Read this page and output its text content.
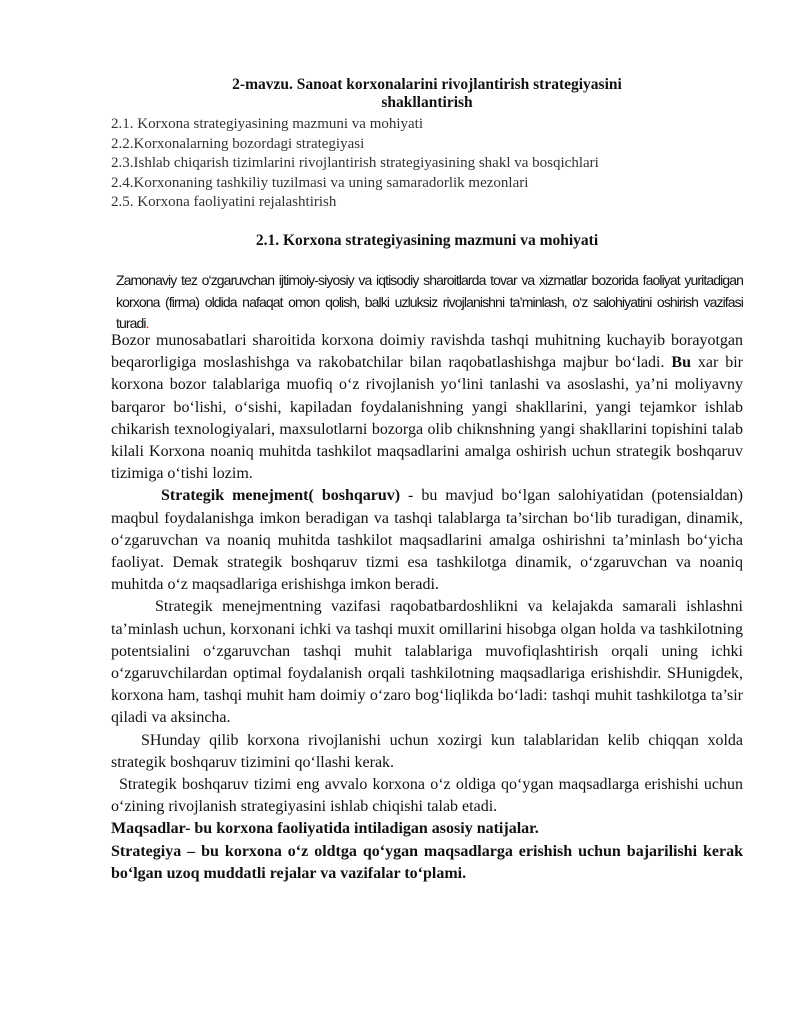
2-mavzu. Sanoat korxonalarini rivojlantirish strategiyasini
shakllantirish
2.1. Korxona strategiyasining mazmuni va mohiyati
2.2.Korxonalarning bozordagi strategiyasi
2.3.Ishlab chiqarish tizimlarini rivojlantirish strategiyasining shakl va bosqichlari
2.4.Korxonaning tashkiliy tuzilmasi va uning samaradorlik mezonlari
2.5. Korxona faoliyatini rejalashtirish
2.1. Korxona strategiyasining mazmuni va mohiyati
Zamonaviy tez o‘zgaruvchan ijtimoiy-siyosiy va iqtisodiy sharoitlarda tovar va xizmatlar bozorida faoliyat yuritadigan korxona (firma) oldida nafaqat omon qolish, balki uzluksiz rivojlanishni ta’minlash, o‘z salohiyatini oshirish vazifasi turadi.

Bozor munosabatlari sharoitida korxona doimiy ravishda tashqi muhitning kuchayib borayotgan beqarorligiga moslashishga va rakobatchilar bilan raqobatlashishga majbur bo‘ladi. Bu xar bir korxona bozor talablariga muofiq o‘z rivojlanish yo‘lini tanlashi va asoslashi, ya’ni moliyavny barqaror bo‘lishi, o‘sishi, kapiladan foydalanishning yangi shakllarini, yangi tejamkor ishlab chikarish texnologiyalari, maxsulotlarni bozorga olib chiknshning yangi shakllarini topishini talab kilali Korxona noaniq muhitda tashkilot maqsadlarini amalga oshirish uchun strategik boshqaruv tizimiga o‘tishi lozim.

Strategik menejment( boshqaruv) - bu mavjud bo‘lgan salohiyatidan (potensialdan) maqbul foydalanishga imkon beradigan va tashqi talablarga ta’sirchan bo‘lib turadigan, dinamik, o‘zgaruvchan va noaniq muhitda tashkilot maqsadlarini amalga oshirishni ta’minlash bo‘yicha faoliyat. Demak strategik boshqaruv tizmi esa tashkilotga dinamik, o‘zgaruvchan va noaniq muhitda o‘z maqsadlariga erishishga imkon beradi.

Strategik menejmentning vazifasi raqobatbardoshlikni va kelajakda samarali ishlashni ta’minlash uchun, korxonani ichki va tashqi muxit omillarini hisobga olgan holda va tashkilotning potentsialini o‘zgaruvchan tashqi muhit talablariga muvofiqlashtirish orqali uning ichki o‘zgaruvchilardan optimal foydalanish orqali tashkilotning maqsadlariga erishishdir. SHunigdek, korxona ham, tashqi muhit ham doimiy o‘zaro bog‘liqlikda bo‘ladi: tashqi muhit tashkilotga ta’sir qiladi va aksincha.

SHunday qilib korxona rivojlanishi uchun xozirgi kun talablaridan kelib chiqqan xolda strategik boshqaruv tizimini qo‘llashi kerak.

Strategik boshqaruv tizimi eng avvalo korxona o‘z oldiga qo‘ygan maqsadlarga erishishi uchun o‘zining rivojlanish strategiyasini ishlab chiqishi talab etadi.

Maqsadlar- bu korxona faoliyatida intiladigan asosiy natijalar.

Strategiya – bu korxona o‘z oldtga qo‘ygan maqsadlarga erishish uchun bajarilishi kerak bo‘lgan uzoq muddatli rejalar va vazifalar to‘plami.
